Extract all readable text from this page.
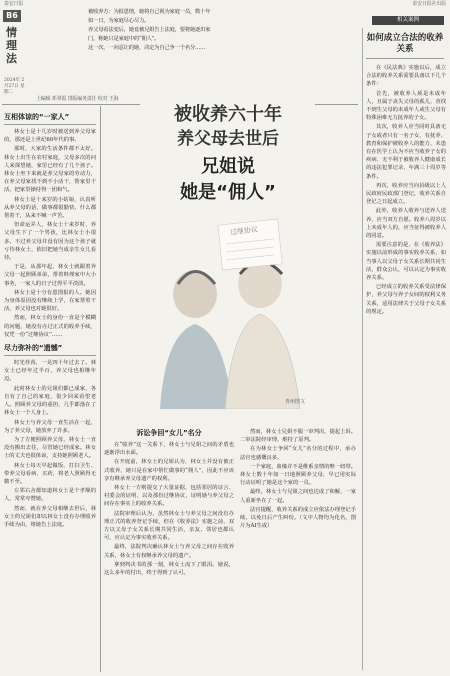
泰安日报	泰安日报社出版
B6
情理法
2024年 2月27日 星期二
上编辑 邓翠霞 排版编务责任 校对 王海
相关案例
被收养方：为报恩情，她将自己视为家庭一员，数十年
如一日，为家庭尽心尽力。
养父母看法变后，她竟被兄姐告上法庭，要将她逐出家
门，称她只是家庭中的“佣人”。
这一次，一向忍让的她，决定为自己争一个名分……
互相体谅的“一家人”

林女士是十几岁时被送到养父母家的，那还是上世纪60年代的事。

那时，大家的生活条件都不太好。林女士出生在农村家庭，父母多次的问人来探望她，家里已经有了几个孩子。林女士坐下来就是养父母家的劳动力，在养父母家找不到不小活干，帮家里干活，把家里操持得一团和气。

林女士是十来岁的小姑娘，认真听从养父母的话，做事都很勤快，什么都帮着干，从来不喊一声苦。

但命运弄人，林女士十来岁时，养父母生下了一个男孩，比林女士小很多。不过养父母并没有因为这个孩子就亏待林女士，依旧把她当成亲生女儿看待。

于是，从那年起，林女士就跟着养父母一起照顾弟弟，帮着料理家中大小事务，一家人的日子过得平平淡淡。

林女士是十分有恩图报的人。她因为身体原因没有继续上学，在家帮着干活，养父母也对她很好。

然而，林女士的身份一直是个模糊的问题，她没有办过正式的收养手续，仅凭一份“过继协议”……

尽力弥补的“遗憾”

时光荏苒，一晃四十年过去了。林女士已经年过半百，养父母也相继年迈。

此时林女士的兄姐们都已成家，各自有了自己的家庭，很少回来看望老人。照顾养父母的重担，几乎都落在了林女士一个人身上。

林女士与养父母一直生活在一起，为了养父母，她放弃了许多。

为了方便照顾养父母，林女士一直没有搬出去住，尽管她已经成家。林女士的丈夫也很体谅，支持她照顾老人。

林女士每天早起做饭、打扫卫生、带养父母看病、买药，将老人照顾得无微不至。

左邻右舍都知道林女士是个孝顺的人，常常夸赞她。

然而，就在养父母相继去世后，林女士的兄姐们却以林女士没有办理收养手续为由，将她告上法庭。

被收养六十年
养父母去世后
兄姐说
她是“佣人”
过继协议
青州图文
诉讼争回“女儿”名分

在“收养”这一关系下，林女士与兄姐之间的矛盾也逐渐浮出水面。

在开庭前，林女士的兄姐认为，林女士并没有被正式收养，她只是在家中帮忙做事的“佣人”，因此不应该享有继承养父母遗产的权利。

林女士一方则提交了大量证据，包括邻居的证言、村委会的证明、以及那份过继协议，证明她与养父母之间存在事实上的收养关系。

法院审理后认为，虽然林女士与养父母之间没有办理正式的收养登记手续，但在《收养法》实施之前，双方以父母子女关系长期共同生活，亲友、邻居也都认可，应认定为事实收养关系。

最终，法院判决确认林女士与养父母之间存在收养关系，林女士有权继承养父母的遗产。

拿到判决书的那一刻，林女士流下了眼泪。她说，这么多年的付出，终于得到了认可。

然而，林女士兄姐不服一审判决，提起上诉。二审法院经审理，维持了原判。

在为林女士争回“女儿”名分的过程中，承办法官也感慨良多。

一个家庭，血缘并不是维系亲情的唯一纽带。林女士数十年如一日地照顾养父母，早已用实际行动证明了她是这个家的一员。

最终，林女士与兄姐之间也达成了和解，一家人重新坐在了一起。

法官提醒，收养关系的成立应依法办理登记手续，以免日后产生纠纷。（文中人物均为化名，图片为AI生成）

如何成立合法的收养关系

在《民法典》实施以后，成立合法的收养关系需要具备以下几个条件：

首先，被收养人须是未成年人，且属于丧失父母的孤儿、查找不到生父母的未成年人或生父母有特殊困难无力抚养的子女。

其次，收养人应当同时具备无子女或者只有一名子女、有抚养、教育和保护被收养人的能力、未患有在医学上认为不应当收养子女的疾病、无不利于被收养人健康成长的违法犯罪记录、年满三十周岁等条件。

再次，收养应当向县级以上人民政府民政部门登记，收养关系自登记之日起成立。

此外，收养人收养与送养人送养，应当双方自愿。收养八周岁以上未成年人的，应当征得被收养人的同意。

需要注意的是，在《收养法》实施以前形成的事实收养关系，如当事人以父母子女关系长期共同生活，群众公认，可以认定为事实收养关系。

已经成立的收养关系受法律保护，养父母与养子女间的权利义务关系，适用法律关于父母子女关系的规定。
